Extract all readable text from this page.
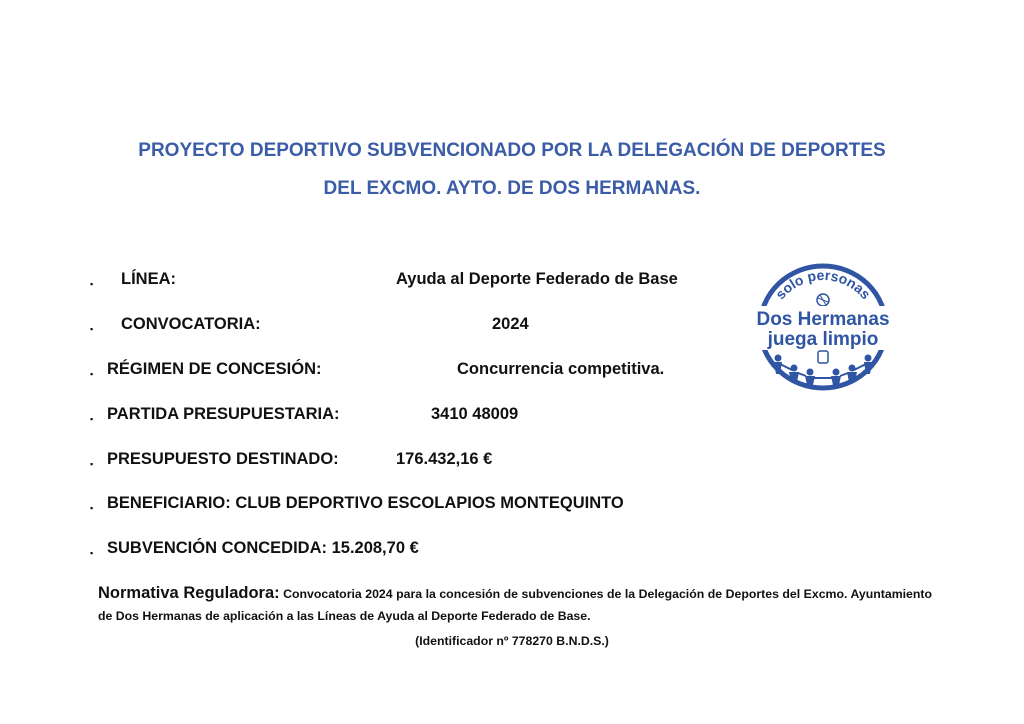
PROYECTO DEPORTIVO SUBVENCIONADO POR LA DELEGACIÓN DE DEPORTES
DEL EXCMO. AYTO. DE DOS HERMANAS.
▪ LÍNEA:	Ayuda al Deporte Federado de Base
▪ CONVOCATORIA:	2024
▪ RÉGIMEN DE CONCESIÓN:	Concurrencia competitiva.
▪ PARTIDA PRESUPUESTARIA:	3410 48009
▪ PRESUPUESTO DESTINADO:	176.432,16 €
▪ BENEFICIARIO: CLUB DEPORTIVO ESCOLAPIOS MONTEQUINTO
▪ SUBVENCIÓN CONCEDIDA: 15.208,70 €
Normativa Reguladora: Convocatoria 2024 para la concesión de subvenciones de la Delegación de Deportes del Excmo. Ayuntamiento de Dos Hermanas de aplicación a las Líneas de Ayuda al Deporte Federado de Base.
(Identificador nº 778270 B.N.D.S.)
solo personas
Dos Hermanas
juega limpio
